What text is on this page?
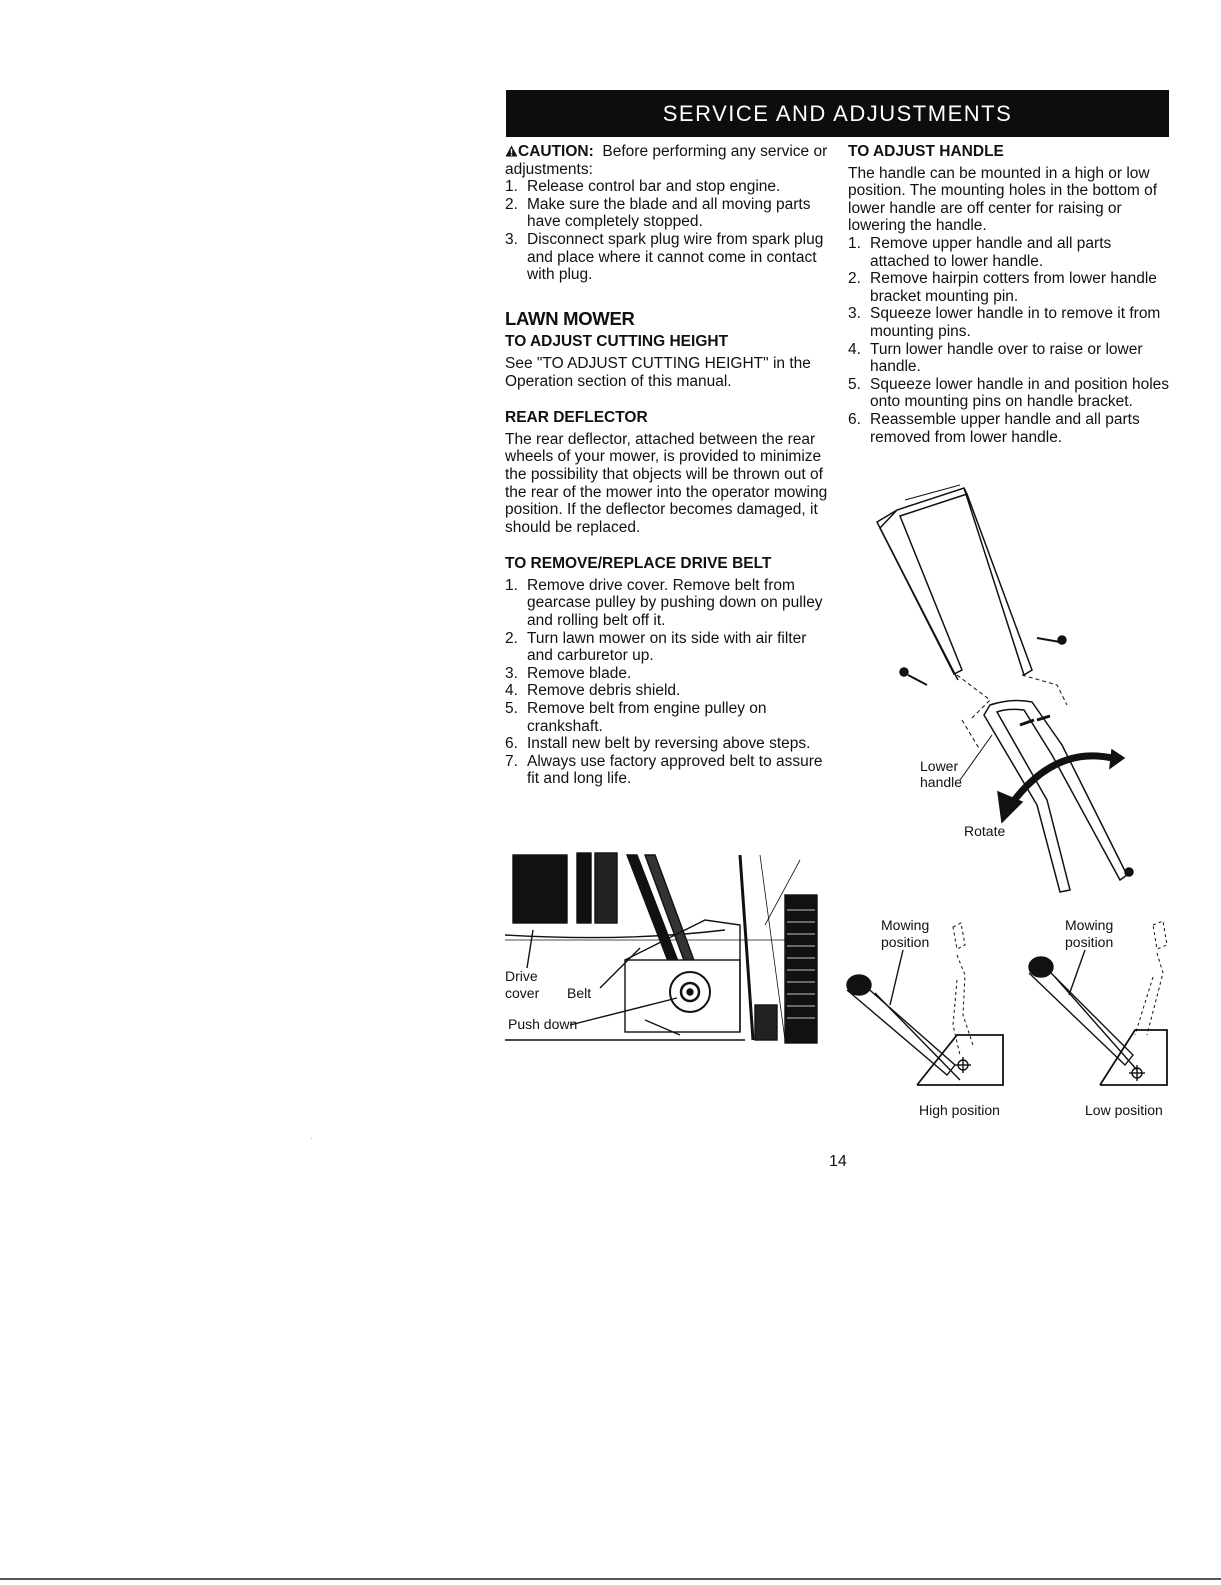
SERVICE AND ADJUSTMENTS

CAUTION: Before performing any service or adjustments:

1. Release control bar and stop engine.
2. Make sure the blade and all moving parts have completely stopped.
3. Disconnect spark plug wire from spark plug and place where it cannot come in contact with plug.
LAWN MOWER
TO ADJUST CUTTING HEIGHT

See "TO ADJUST CUTTING HEIGHT" in the Operation section of this manual.

REAR DEFLECTOR

The rear deflector, attached between the rear wheels of your mower, is provided to minimize the possibility that objects will be thrown out of the rear of the mower into the operator mowing position. If the deflector becomes damaged, it should be replaced.

TO REMOVE/REPLACE DRIVE BELT
1. Remove drive cover. Remove belt from gearcase pulley by pushing down on pulley and rolling belt off it.
2. Turn lawn mower on its side with air filter and carburetor up.
3. Remove blade.
4. Remove debris shield.
5. Remove belt from engine pulley on crankshaft.
6. Install new belt by reversing above steps.
7. Always use factory approved belt to assure fit and long life.
TO ADJUST HANDLE

The handle can be mounted in a high or low position. The mounting holes in the bottom of lower handle are off center for raising or lowering the handle.

1. Remove upper handle and all parts attached to lower handle.
2. Remove hairpin cotters from lower handle bracket mounting pin.
3. Squeeze lower handle in to remove it from mounting pins.
4. Turn lower handle over to raise or lower handle.
5. Squeeze lower handle in and position holes onto mounting pins on handle bracket.
6. Reassemble upper handle and all parts removed from lower handle.
Drive
cover Belt
Push down
Lower
handle
Rotate
Mowing
position
High position
Mowing
position
Low position
14
